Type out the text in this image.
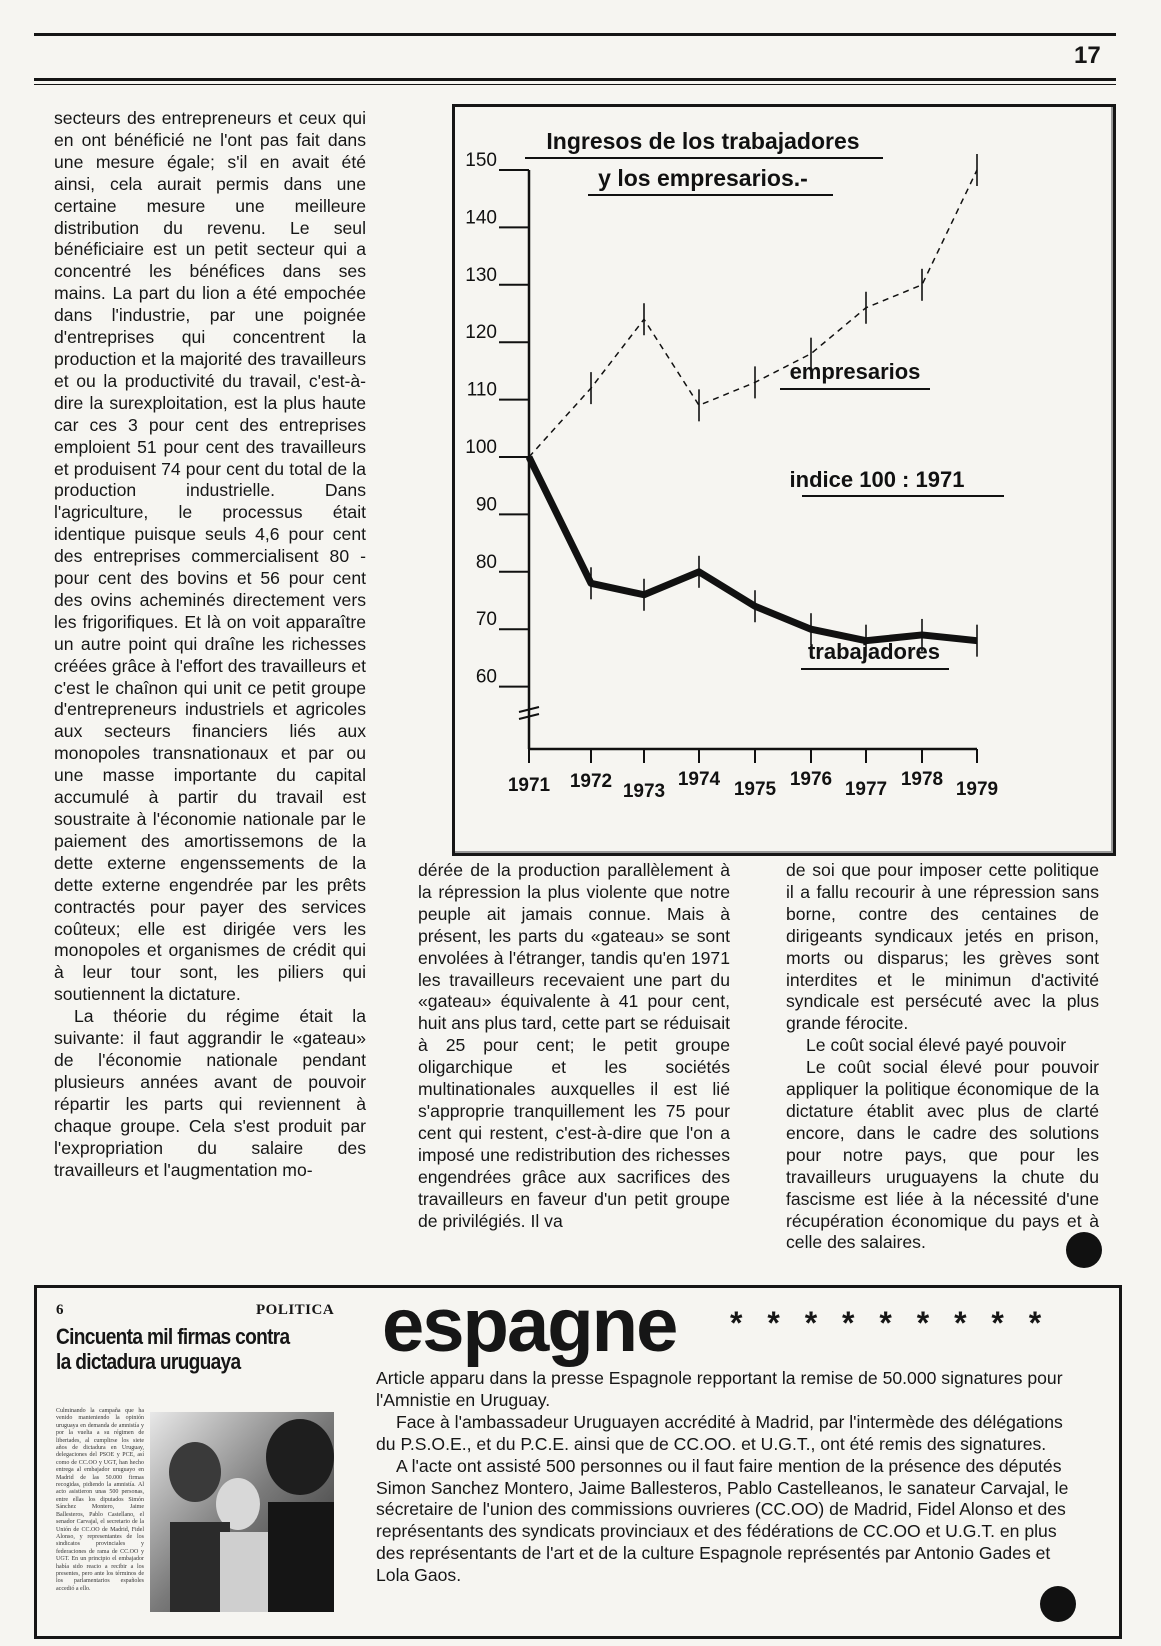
17

secteurs des entrepreneurs et ceux qui en ont bénéficié ne l'ont pas fait dans une mesure égale; s'il en avait été ainsi, cela aurait permis dans une certaine mesure une meilleure distribution du revenu. Le seul bénéficiaire est un petit secteur qui a concentré les bénéfices dans ses mains. La part du lion a été empochée dans l'industrie, par une poignée d'entreprises qui concentrent la production et la majorité des travailleurs et ou la productivité du travail, c'est-à-dire la surexploitation, est la plus haute car ces 3 pour cent des entreprises emploient 51 pour cent des travailleurs et produisent 74 pour cent du total de la production industrielle. Dans l'agriculture, le processus était identique puisque seuls 4,6 pour cent des entreprises commercialisent 80 - pour cent des bovins et 56 pour cent des ovins acheminés directement vers les frigorifiques. Et là on voit apparaître un autre point qui draîne les richesses créées grâce à l'effort des travailleurs et c'est le chaînon qui unit ce petit groupe d'entrepreneurs industriels et agricoles aux secteurs financiers liés aux monopoles transnationaux et par ou une masse importante du capital accumulé à partir du travail est soustraite à l'économie nationale par le paiement des amortissemons de la dette externe engenssements de la dette externe engendrée par les prêts contractés pour payer des services coûteux; elle est dirigée vers les monopoles et organismes de crédit qui à leur tour sont, les piliers qui soutiennent la dictature.

La théorie du régime était la suivante: il faut aggrandir le «gateau» de l'économie nationale pendant plusieurs années avant de pouvoir répartir les parts qui reviennent à chaque groupe. Cela s'est produit par l'expropriation du salaire des travailleurs et l'augmentation mo-

Ingresos de los trabajadores
y los empresarios.-
150
140
130
120
110
100
90
80
70
60
1971 1972 1973
1974 1975 1976 1977 1978 1979
empresarios
indice 100 : 1971
trabajadores

dérée de la production parallèlement à la répression la plus violente que notre peuple ait jamais connue. Mais à présent, les parts du «gateau» se sont envolées à l'étranger, tandis qu'en 1971 les travailleurs recevaient une part du «gateau» équivalente à 41 pour cent, huit ans plus tard, cette part se réduisait à 25 pour cent; le petit groupe oligarchique et les sociétés multinationales auxquelles il est lié s'approprie tranquillement les 75 pour cent qui restent, c'est-à-dire que l'on a imposé une redistribution des richesses engendrées grâce aux sacrifices des travailleurs en faveur d'un petit groupe de privilégiés. Il va

de soi que pour imposer cette politique il a fallu recourir à une répression sans borne, contre des centaines de dirigeants syndicaux jetés en prison, morts ou disparus; les grèves sont interdites et le minimun d'activité syndicale est persécuté avec la plus grande férocite.

Le coût social élevé payé pouvoir

Le coût social élevé pour pouvoir appliquer la politique économique de la dictature établit avec plus de clarté encore, dans le cadre des solutions pour notre pays, que pour les travailleurs uruguayens la chute du fascisme est liée à la nécessité d'une récupération économique du pays et à celle des salaires.

6	POLITICA
Cincuenta mil firmas contra la dictadura uruguaya
Culminando la campaña que ha venido manteniendo la opinión uruguaya en demanda de amnistía y por la vuelta a su régimen de libertades, al cumplirse los siete años de dictadura en Uruguay, delegaciones del PSOE y PCE, así como de CC.OO y UGT, han hecho entrega al embajador uruguayo en Madrid de las 50.000 firmas recogidas, pidiendo la amnistía. Al acto asistieron unas 500 personas, entre ellas los diputados Simón Sánchez Montero, Jaime Ballesteros, Pablo Castellano, el senador Carvajal, el secretario de la Unión de CC.OO de Madrid, Fidel Alonso, y representantes de los sindicatos provinciales y federaciones de rama de CC.OO y UGT. En un principio el embajador había sido reacio a recibir a los presentes, pero ante los términos de los parlamentarios españoles accedió a ello.
espagne * * * * * * * * *

Article apparu dans la presse Espagnole repportant la remise de 50.000 signatures pour l'Amnistie en Uruguay.

Face à l'ambassadeur Uruguayen accrédité à Madrid, par l'intermède des délégations du P.S.O.E., et du P.C.E. ainsi que de CC.OO. et U.G.T., ont été remis des signatures.

A l'acte ont assisté 500 personnes ou il faut faire mention de la présence des députés Simon Sanchez Montero, Jaime Ballesteros, Pablo Castelleanos, le sanateur Carvajal, le sécretaire de l'union des commissions ouvrieres (CC.OO) de Madrid, Fidel Alonso et des représentants des syndicats provinciaux et des fédérations de CC.OO et U.G.T. en plus des représentants de l'art et de la culture Espagnole représentés par Antonio Gades et Lola Gaos.
